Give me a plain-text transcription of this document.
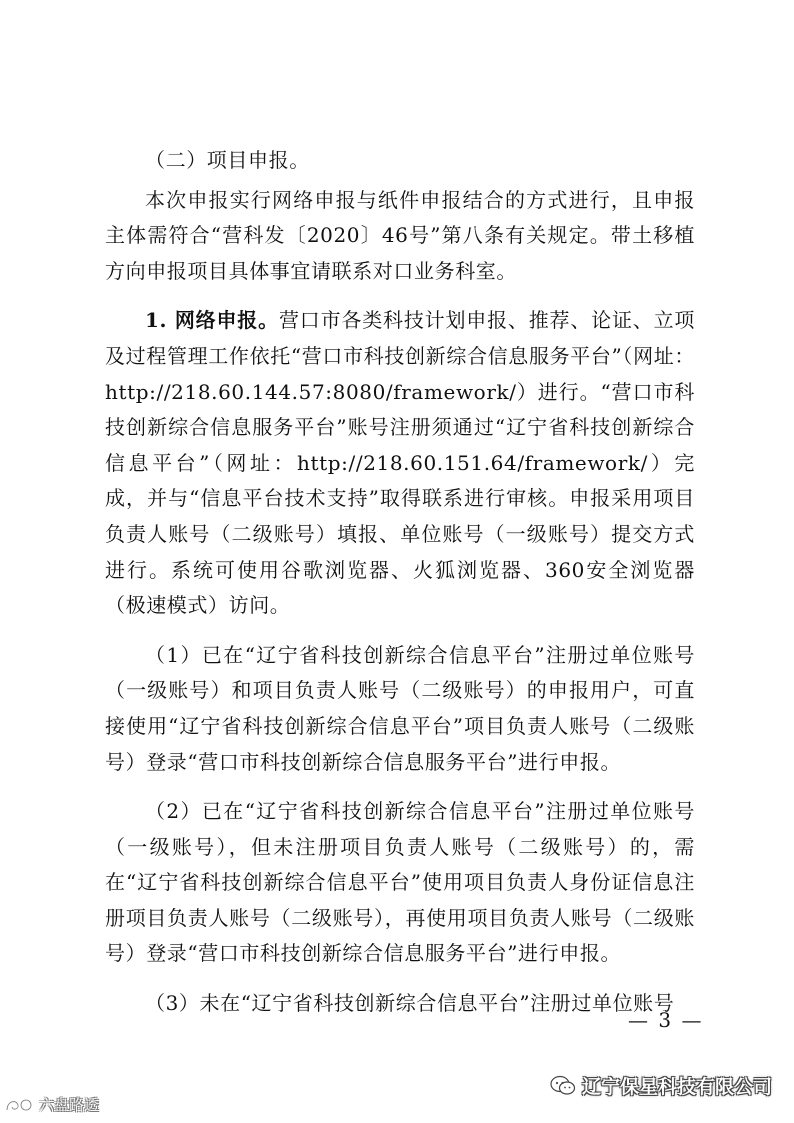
（二）项目申报。

本次申报实行网络申报与纸件申报结合的方式进行，且申报主体需符合“营科发〔2020〕46号”第八条有关规定。带土移植方向申报项目具体事宜请联系对口业务科室。

1. 网络申报。营口市各类科技计划申报、推荐、论证、立项及过程管理工作依托“营口市科技创新综合信息服务平台”（网址：http://218.60.144.57:8080/framework/）进行。“营口市科技创新综合信息服务平台”账号注册须通过“辽宁省科技创新综合信息平台”（网址：http://218.60.151.64/framework/）完成，并与“信息平台技术支持”取得联系进行审核。申报采用项目负责人账号（二级账号）填报、单位账号（一级账号）提交方式进行。系统可使用谷歌浏览器、火狐浏览器、360安全浏览器（极速模式）访问。

（1）已在“辽宁省科技创新综合信息平台”注册过单位账号（一级账号）和项目负责人账号（二级账号）的申报用户，可直接使用“辽宁省科技创新综合信息平台”项目负责人账号（二级账号）登录“营口市科技创新综合信息服务平台”进行申报。

（2）已在“辽宁省科技创新综合信息平台”注册过单位账号（一级账号），但未注册项目负责人账号（二级账号）的，需在“辽宁省科技创新综合信息平台”使用项目负责人身份证信息注册项目负责人账号（二级账号），再使用项目负责人账号（二级账号）登录“营口市科技创新综合信息服务平台”进行申报。

（3）未在“辽宁省科技创新综合信息平台”注册过单位账号

— 3 —
辽宁保星科技有限公司
六盘路透
